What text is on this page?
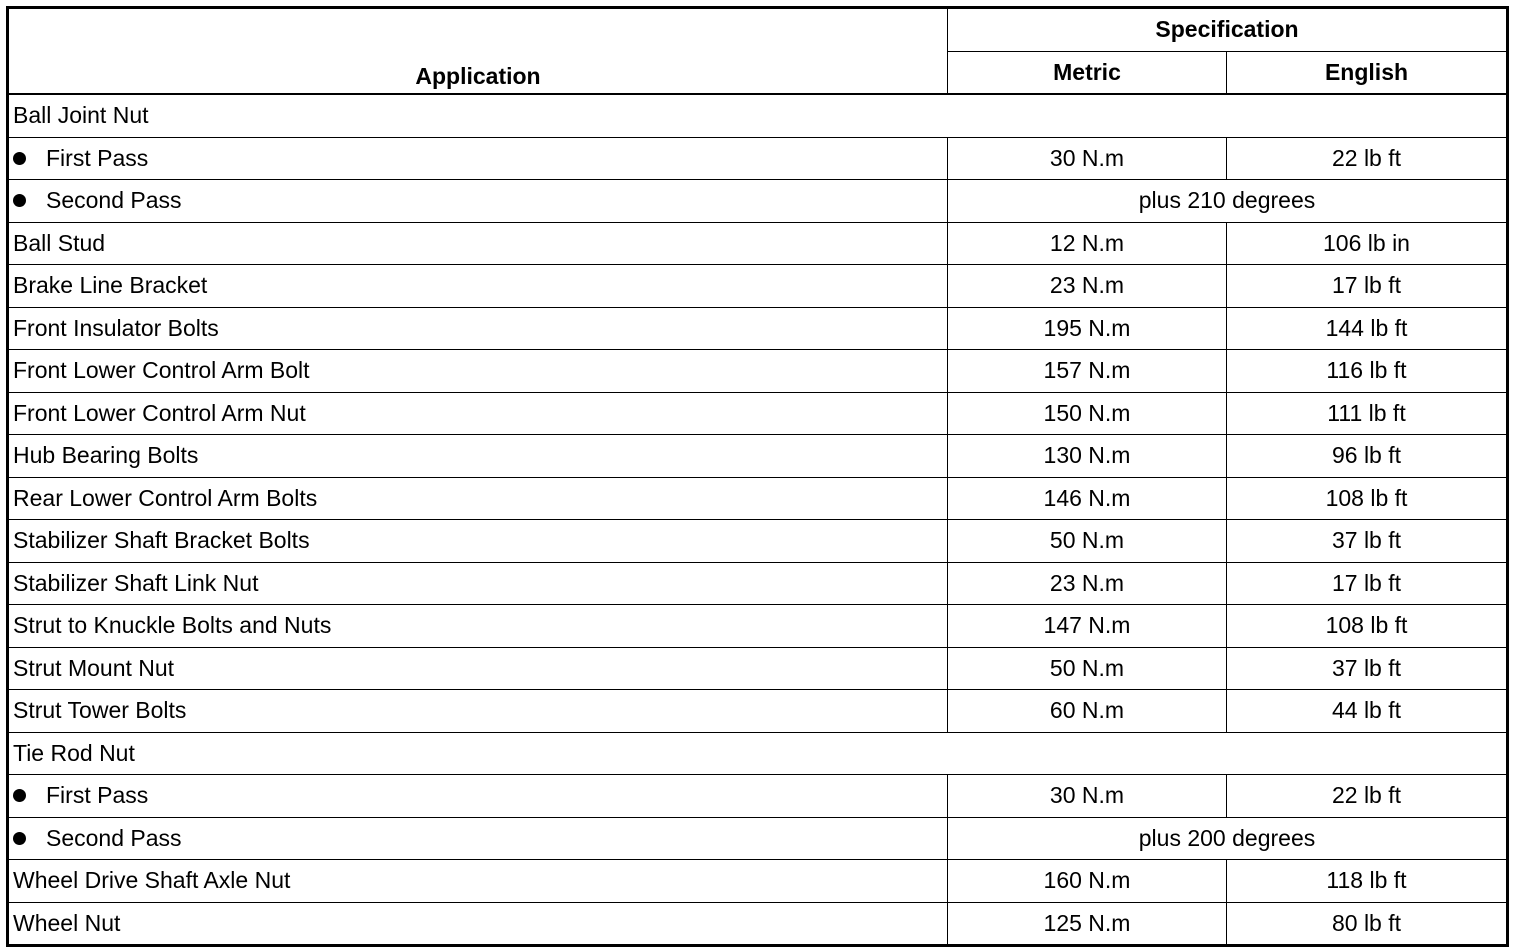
Application	Specification	
	Metric	English
Ball Joint Nut		
First Pass	30 N.m	22 lb ft
Second Pass	plus 210 degrees	
Ball Stud	12 N.m	106 lb in
Brake Line Bracket	23 N.m	17 lb ft
Front Insulator Bolts	195 N.m	144 lb ft
Front Lower Control Arm Bolt	157 N.m	116 lb ft
Front Lower Control Arm Nut	150 N.m	111 lb ft
Hub Bearing Bolts	130 N.m	96 lb ft
Rear Lower Control Arm Bolts	146 N.m	108 lb ft
Stabilizer Shaft Bracket Bolts	50 N.m	37 lb ft
Stabilizer Shaft Link Nut	23 N.m	17 lb ft
Strut to Knuckle Bolts and Nuts	147 N.m	108 lb ft
Strut Mount Nut	50 N.m	37 lb ft
Strut Tower Bolts	60 N.m	44 lb ft
Tie Rod Nut		
First Pass	30 N.m	22 lb ft
Second Pass	plus 200 degrees	
Wheel Drive Shaft Axle Nut	160 N.m	118 lb ft
Wheel Nut	125 N.m	80 lb ft
